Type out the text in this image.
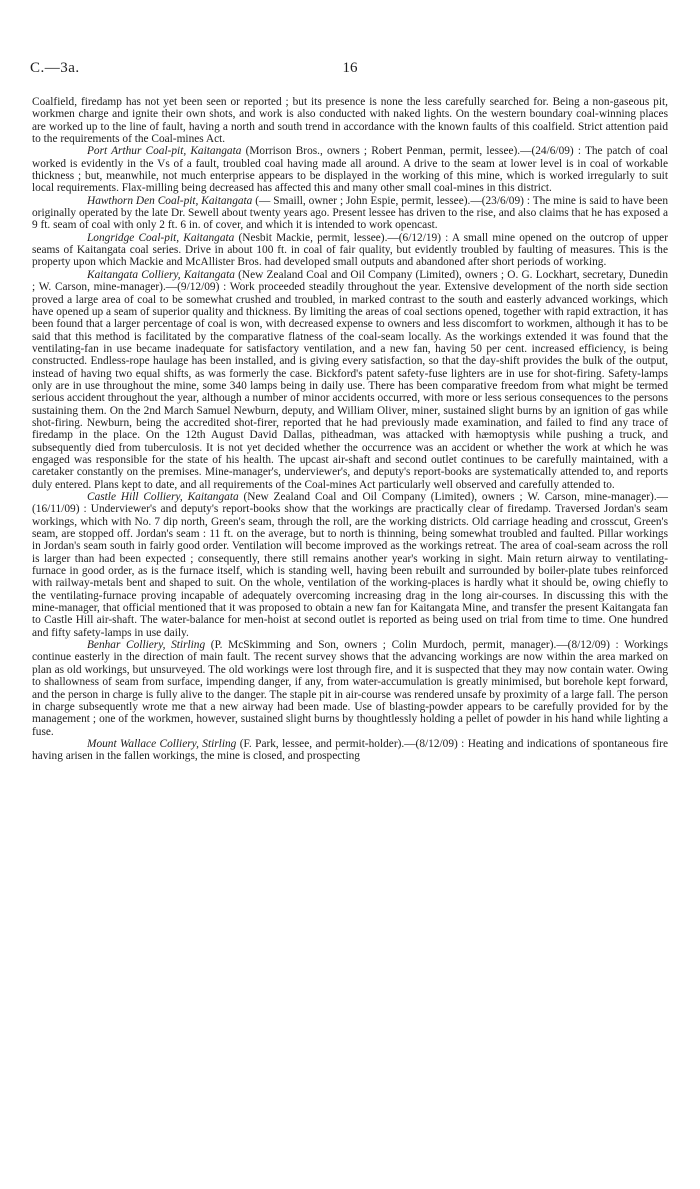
C.—3a.	16

Coalfield, firedamp has not yet been seen or reported ; but its presence is none the less carefully searched for. Being a non-gaseous pit, workmen charge and ignite their own shots, and work is also conducted with naked lights. On the western boundary coal-winning places are worked up to the line of fault, having a north and south trend in accordance with the known faults of this coalfield. Strict attention paid to the requirements of the Coal-mines Act.

Port Arthur Coal-pit, Kaitangata (Morrison Bros., owners ; Robert Penman, permit, lessee).—(24/6/09) : The patch of coal worked is evidently in the Vs of a fault, troubled coal having made all around. A drive to the seam at lower level is in coal of workable thickness ; but, meanwhile, not much enterprise appears to be displayed in the working of this mine, which is worked irregularly to suit local requirements. Flax-milling being decreased has affected this and many other small coal-mines in this district.

Hawthorn Den Coal-pit, Kaitangata (— Smaill, owner ; John Espie, permit, lessee).—(23/6/09) : The mine is said to have been originally operated by the late Dr. Sewell about twenty years ago. Present lessee has driven to the rise, and also claims that he has exposed a 9 ft. seam of coal with only 2 ft. 6 in. of cover, and which it is intended to work opencast.

Longridge Coal-pit, Kaitangata (Nesbit Mackie, permit, lessee).—(6/12/19) : A small mine opened on the outcrop of upper seams of Kaitangata coal series. Drive in about 100 ft. in coal of fair quality, but evidently troubled by faulting of measures. This is the property upon which Mackie and McAllister Bros. had developed small outputs and abandoned after short periods of working.

Kaitangata Colliery, Kaitangata (New Zealand Coal and Oil Company (Limited), owners ; O. G. Lockhart, secretary, Dunedin ; W. Carson, mine-manager).—(9/12/09) : Work proceeded steadily throughout the year. Extensive development of the north side section proved a large area of coal to be somewhat crushed and troubled, in marked contrast to the south and easterly advanced workings, which have opened up a seam of superior quality and thickness. By limiting the areas of coal sections opened, together with rapid extraction, it has been found that a larger percentage of coal is won, with decreased expense to owners and less discomfort to workmen, although it has to be said that this method is facilitated by the comparative flatness of the coal-seam locally. As the workings extended it was found that the ventilating-fan in use became inadequate for satisfactory ventilation, and a new fan, having 50 per cent. increased efficiency, is being constructed. Endless-rope haulage has been installed, and is giving every satisfaction, so that the day-shift provides the bulk of the output, instead of having two equal shifts, as was formerly the case. Bickford's patent safety-fuse lighters are in use for shot-firing. Safety-lamps only are in use throughout the mine, some 340 lamps being in daily use. There has been comparative freedom from what might be termed serious accident throughout the year, although a number of minor accidents occurred, with more or less serious consequences to the persons sustaining them. On the 2nd March Samuel Newburn, deputy, and William Oliver, miner, sustained slight burns by an ignition of gas while shot-firing. Newburn, being the accredited shot-firer, reported that he had previously made examination, and failed to find any trace of firedamp in the place. On the 12th August David Dallas, pitheadman, was attacked with hæmoptysis while pushing a truck, and subsequently died from tuberculosis. It is not yet decided whether the occurrence was an accident or whether the work at which he was engaged was responsible for the state of his health. The upcast air-shaft and second outlet continues to be carefully maintained, with a caretaker constantly on the premises. Mine-manager's, underviewer's, and deputy's report-books are systematically attended to, and reports duly entered. Plans kept to date, and all requirements of the Coal-mines Act particularly well observed and carefully attended to.

Castle Hill Colliery, Kaitangata (New Zealand Coal and Oil Company (Limited), owners ; W. Carson, mine-manager).—(16/11/09) : Underviewer's and deputy's report-books show that the workings are practically clear of firedamp. Traversed Jordan's seam workings, which with No. 7 dip north, Green's seam, through the roll, are the working districts. Old carriage heading and crosscut, Green's seam, are stopped off. Jordan's seam : 11 ft. on the average, but to north is thinning, being somewhat troubled and faulted. Pillar workings in Jordan's seam south in fairly good order. Ventilation will become improved as the workings retreat. The area of coal-seam across the roll is larger than had been expected ; consequently, there still remains another year's working in sight. Main return airway to ventilating-furnace in good order, as is the furnace itself, which is standing well, having been rebuilt and surrounded by boiler-plate tubes reinforced with railway-metals bent and shaped to suit. On the whole, ventilation of the working-places is hardly what it should be, owing chiefly to the ventilating-furnace proving incapable of adequately overcoming increasing drag in the long air-courses. In discussing this with the mine-manager, that official mentioned that it was proposed to obtain a new fan for Kaitangata Mine, and transfer the present Kaitangata fan to Castle Hill air-shaft. The water-balance for men-hoist at second outlet is reported as being used on trial from time to time. One hundred and fifty safety-lamps in use daily.

Benhar Colliery, Stirling (P. McSkimming and Son, owners ; Colin Murdoch, permit, manager).—(8/12/09) : Workings continue easterly in the direction of main fault. The recent survey shows that the advancing workings are now within the area marked on plan as old workings, but unsurveyed. The old workings were lost through fire, and it is suspected that they may now contain water. Owing to shallowness of seam from surface, impending danger, if any, from water-accumulation is greatly minimised, but borehole kept forward, and the person in charge is fully alive to the danger. The staple pit in air-course was rendered unsafe by proximity of a large fall. The person in charge subsequently wrote me that a new airway had been made. Use of blasting-powder appears to be carefully provided for by the management ; one of the workmen, however, sustained slight burns by thoughtlessly holding a pellet of powder in his hand while lighting a fuse.

Mount Wallace Colliery, Stirling (F. Park, lessee, and permit-holder).—(8/12/09) : Heating and indications of spontaneous fire having arisen in the fallen workings, the mine is closed, and prospecting
